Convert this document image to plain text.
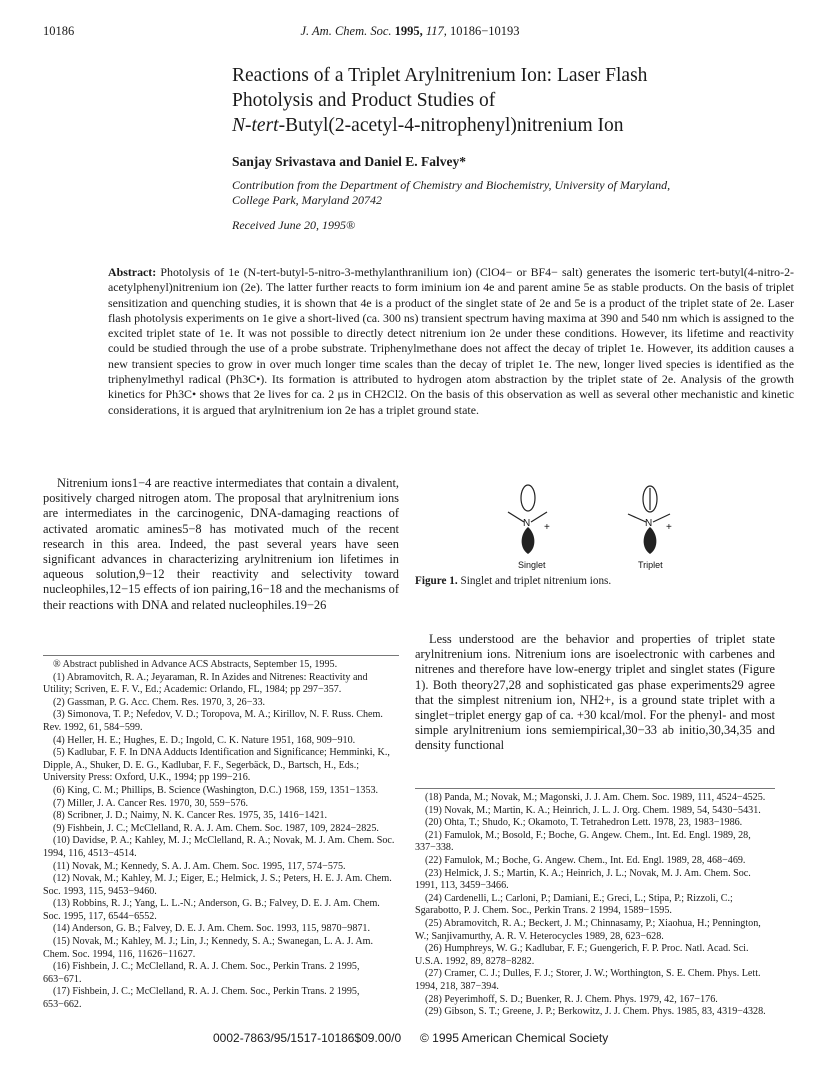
10186	J. Am. Chem. Soc. 1995, 117, 10186−10193
Reactions of a Triplet Arylnitrenium Ion: Laser Flash
Photolysis and Product Studies of
N-tert-Butyl(2-acetyl-4-nitrophenyl)nitrenium Ion
Sanjay Srivastava and Daniel E. Falvey*
Contribution from the Department of Chemistry and Biochemistry, University of Maryland,
College Park, Maryland 20742
Received June 20, 1995®
Abstract: Photolysis of 1e (N-tert-butyl-5-nitro-3-methylanthranilium ion) (ClO4− or BF4− salt) generates the isomeric tert-butyl(4-nitro-2-acetylphenyl)nitrenium ion (2e). The latter further reacts to form iminium ion 4e and parent amine 5e as stable products. On the basis of triplet sensitization and quenching studies, it is shown that 4e is a product of the singlet state of 2e and 5e is a product of the triplet state of 2e. Laser flash photolysis experiments on 1e give a short-lived (ca. 300 ns) transient spectrum having maxima at 390 and 540 nm which is assigned to the excited triplet state of 1e. It was not possible to directly detect nitrenium ion 2e under these conditions. However, its lifetime and reactivity could be studied through the use of a probe substrate. Triphenylmethane does not affect the decay of triplet 1e. However, its addition causes a new transient species to grow in over much longer time scales than the decay of triplet 1e. The new, longer lived species is identified as the triphenylmethyl radical (Ph3C•). Its formation is attributed to hydrogen atom abstraction by the triplet state of 2e. Analysis of the growth kinetics for Ph3C• shows that 2e lives for ca. 2 μs in CH2Cl2. On the basis of this observation as well as several other mechanistic and kinetic considerations, it is argued that arylnitrenium ion 2e has a triplet ground state.

Nitrenium ions1−4 are reactive intermediates that contain a divalent, positively charged nitrogen atom. The proposal that arylnitrenium ions are intermediates in the carcinogenic, DNA-damaging reactions of activated aromatic amines5−8 has motivated much of the recent research in this area. Indeed, the past several years have seen significant advances in characterizing arylnitrenium ion lifetimes in aqueous solution,9−12 their reactivity and selectivity toward nucleophiles,12−15 effects of ion pairing,16−18 and the mechanisms of their reactions with DNA and related nucleophiles.19−26

® Abstract published in Advance ACS Abstracts, September 15, 1995.
(1) Abramovitch, R. A.; Jeyaraman, R. In Azides and Nitrenes: Reactivity and Utility; Scriven, E. F. V., Ed.; Academic: Orlando, FL, 1984; pp 297−357.
(2) Gassman, P. G. Acc. Chem. Res. 1970, 3, 26−33.
(3) Simonova, T. P.; Nefedov, V. D.; Toropova, M. A.; Kirillov, N. F. Russ. Chem. Rev. 1992, 61, 584−599.
(4) Heller, H. E.; Hughes, E. D.; Ingold, C. K. Nature 1951, 168, 909−910.
(5) Kadlubar, F. F. In DNA Adducts Identification and Significance; Hemminki, K., Dipple, A., Shuker, D. E. G., Kadlubar, F. F., Segerbäck, D., Bartsch, H., Eds.; University Press: Oxford, U.K., 1994; pp 199−216.
(6) King, C. M.; Phillips, B. Science (Washington, D.C.) 1968, 159, 1351−1353.
(7) Miller, J. A. Cancer Res. 1970, 30, 559−576.
(8) Scribner, J. D.; Naimy, N. K. Cancer Res. 1975, 35, 1416−1421.
(9) Fishbein, J. C.; McClelland, R. A. J. Am. Chem. Soc. 1987, 109, 2824−2825.
(10) Davidse, P. A.; Kahley, M. J.; McClelland, R. A.; Novak, M. J. Am. Chem. Soc. 1994, 116, 4513−4514.
(11) Novak, M.; Kennedy, S. A. J. Am. Chem. Soc. 1995, 117, 574−575.
(12) Novak, M.; Kahley, M. J.; Eiger, E.; Helmick, J. S.; Peters, H. E. J. Am. Chem. Soc. 1993, 115, 9453−9460.
(13) Robbins, R. J.; Yang, L. L.-N.; Anderson, G. B.; Falvey, D. E. J. Am. Chem. Soc. 1995, 117, 6544−6552.
(14) Anderson, G. B.; Falvey, D. E. J. Am. Chem. Soc. 1993, 115, 9870−9871.
(15) Novak, M.; Kahley, M. J.; Lin, J.; Kennedy, S. A.; Swanegan, L. A. J. Am. Chem. Soc. 1994, 116, 11626−11627.
(16) Fishbein, J. C.; McClelland, R. A. J. Chem. Soc., Perkin Trans. 2 1995, 663−671.
(17) Fishbein, J. C.; McClelland, R. A. J. Chem. Soc., Perkin Trans. 2 1995, 653−662.
N +
Singlet
N +
Triplet
Figure 1. Singlet and triplet nitrenium ions.

Less understood are the behavior and properties of triplet state arylnitrenium ions. Nitrenium ions are isoelectronic with carbenes and nitrenes and therefore have low-energy triplet and singlet states (Figure 1). Both theory27,28 and sophisticated gas phase experiments29 agree that the simplest nitrenium ion, NH2+, is a ground state triplet with a singlet−triplet energy gap of ca. +30 kcal/mol. For the phenyl- and most simple arylnitrenium ions semiempirical,30−33 ab initio,30,34,35 and density functional

(18) Panda, M.; Novak, M.; Magonski, J. J. Am. Chem. Soc. 1989, 111, 4524−4525.
(19) Novak, M.; Martin, K. A.; Heinrich, J. L. J. Org. Chem. 1989, 54, 5430−5431.
(20) Ohta, T.; Shudo, K.; Okamoto, T. Tetrahedron Lett. 1978, 23, 1983−1986.
(21) Famulok, M.; Bosold, F.; Boche, G. Angew. Chem., Int. Ed. Engl. 1989, 28, 337−338.
(22) Famulok, M.; Boche, G. Angew. Chem., Int. Ed. Engl. 1989, 28, 468−469.
(23) Helmick, J. S.; Martin, K. A.; Heinrich, J. L.; Novak, M. J. Am. Chem. Soc. 1991, 113, 3459−3466.
(24) Cardenelli, L.; Carloni, P.; Damiani, E.; Greci, L.; Stipa, P.; Rizzoli, C.; Sgarabotto, P. J. Chem. Soc., Perkin Trans. 2 1994, 1589−1595.
(25) Abramovitch, R. A.; Beckert, J. M.; Chinnasamy, P.; Xiaohua, H.; Pennington, W.; Sanjivamurthy, A. R. V. Heterocycles 1989, 28, 623−628.
(26) Humphreys, W. G.; Kadlubar, F. F.; Guengerich, F. P. Proc. Natl. Acad. Sci. U.S.A. 1992, 89, 8278−8282.
(27) Cramer, C. J.; Dulles, F. J.; Storer, J. W.; Worthington, S. E. Chem. Phys. Lett. 1994, 218, 387−394.
(28) Peyerimhoff, S. D.; Buenker, R. J. Chem. Phys. 1979, 42, 167−176.
(29) Gibson, S. T.; Greene, J. P.; Berkowitz, J. J. Chem. Phys. 1985, 83, 4319−4328.
0002-7863/95/1517-10186$09.00/0 © 1995 American Chemical Society
